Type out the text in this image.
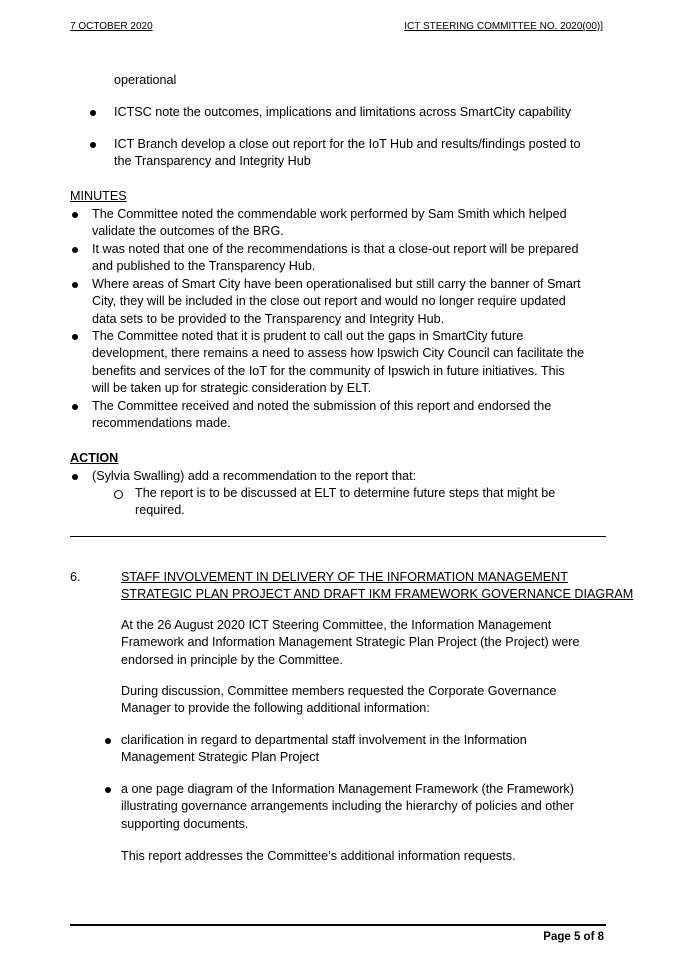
7 OCTOBER 2020	ICT STEERING COMMITTEE NO. 2020(00)]
operational
ICTSC note the outcomes, implications and limitations across SmartCity capability
ICT Branch develop a close out report for the IoT Hub and results/findings posted to
the Transparency and Integrity Hub
MINUTES
The Committee noted the commendable work performed by Sam Smith which helped
validate the outcomes of the BRG.
It was noted that one of the recommendations is that a close-out report will be prepared
and published to the Transparency Hub.
Where areas of Smart City have been operationalised but still carry the banner of Smart
City, they will be included in the close out report and would no longer require updated
data sets to be provided to the Transparency and Integrity Hub.
The Committee noted that it is prudent to call out the gaps in SmartCity future
development, there remains a need to assess how Ipswich City Council can facilitate the
benefits and services of the IoT for the community of Ipswich in future initiatives. This
will be taken up for strategic consideration by ELT.
The Committee received and noted the submission of this report and endorsed the
recommendations made.
ACTION
(Sylvia Swalling) add a recommendation to the report that:
The report is to be discussed at ELT to determine future steps that might be
required.
6.	STAFF INVOLVEMENT IN DELIVERY OF THE INFORMATION MANAGEMENT
STRATEGIC PLAN PROJECT AND DRAFT IKM FRAMEWORK GOVERNANCE DIAGRAM
At the 26 August 2020 ICT Steering Committee, the Information Management
Framework and Information Management Strategic Plan Project (the Project) were
endorsed in principle by the Committee.
During discussion, Committee members requested the Corporate Governance
Manager to provide the following additional information:
clarification in regard to departmental staff involvement in the Information
Management Strategic Plan Project
a one page diagram of the Information Management Framework (the Framework)
illustrating governance arrangements including the hierarchy of policies and other
supporting documents.
This report addresses the Committee’s additional information requests.
Page 5 of 8
